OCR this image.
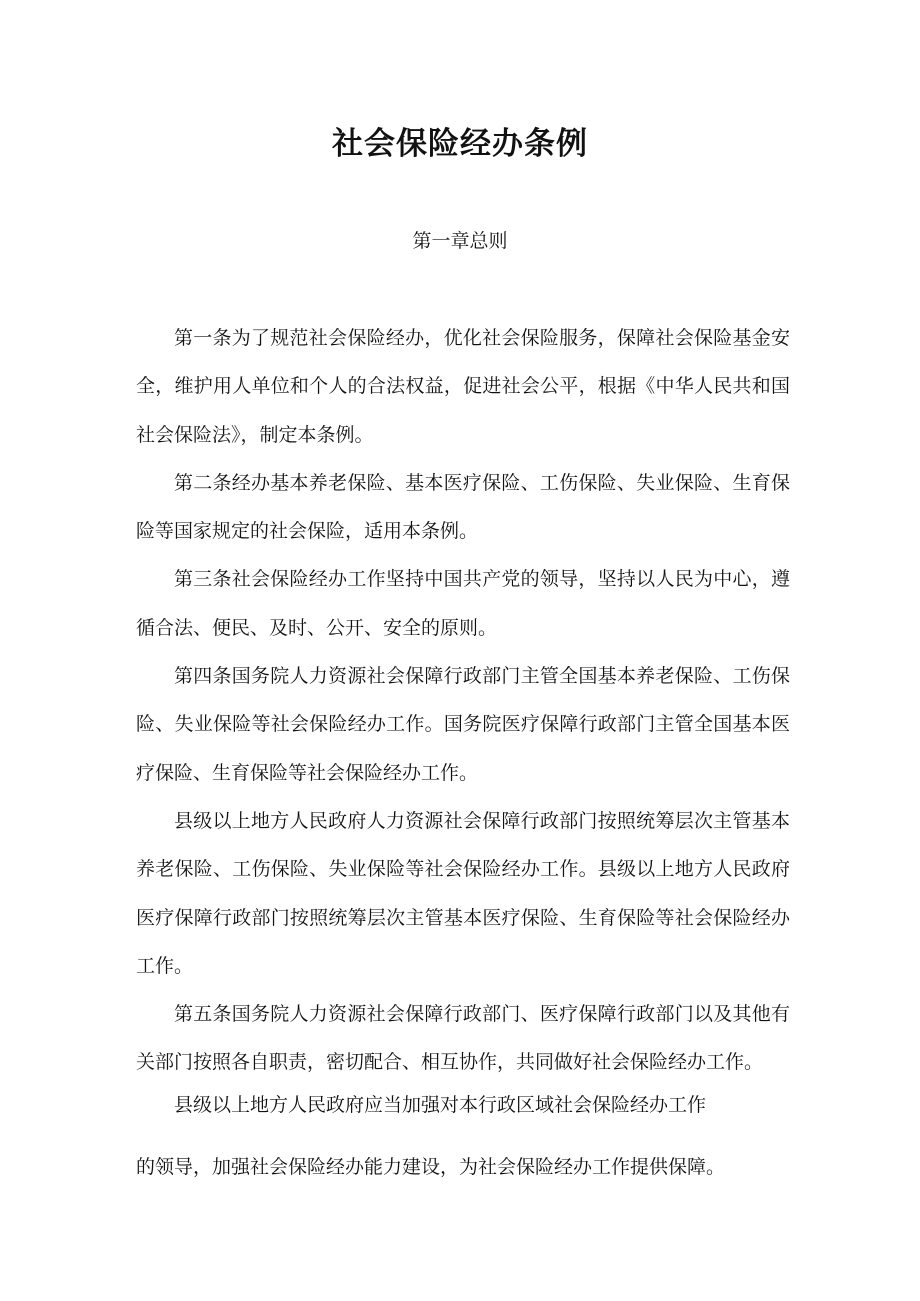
社会保险经办条例
第一章总则

第一条为了规范社会保险经办，优化社会保险服务，保障社会保险基金安全，维护用人单位和个人的合法权益，促进社会公平，根据《中华人民共和国社会保险法》，制定本条例。

第二条经办基本养老保险、基本医疗保险、工伤保险、失业保险、生育保险等国家规定的社会保险，适用本条例。

第三条社会保险经办工作坚持中国共产党的领导，坚持以人民为中心，遵循合法、便民、及时、公开、安全的原则。

第四条国务院人力资源社会保障行政部门主管全国基本养老保险、工伤保险、失业保险等社会保险经办工作。国务院医疗保障行政部门主管全国基本医疗保险、生育保险等社会保险经办工作。

县级以上地方人民政府人力资源社会保障行政部门按照统筹层次主管基本养老保险、工伤保险、失业保险等社会保险经办工作。县级以上地方人民政府医疗保障行政部门按照统筹层次主管基本医疗保险、生育保险等社会保险经办工作。

第五条国务院人力资源社会保障行政部门、医疗保障行政部门以及其他有关部门按照各自职责，密切配合、相互协作，共同做好社会保险经办工作。

县级以上地方人民政府应当加强对本行政区域社会保险经办工作

的领导，加强社会保险经办能力建设，为社会保险经办工作提供保障。
